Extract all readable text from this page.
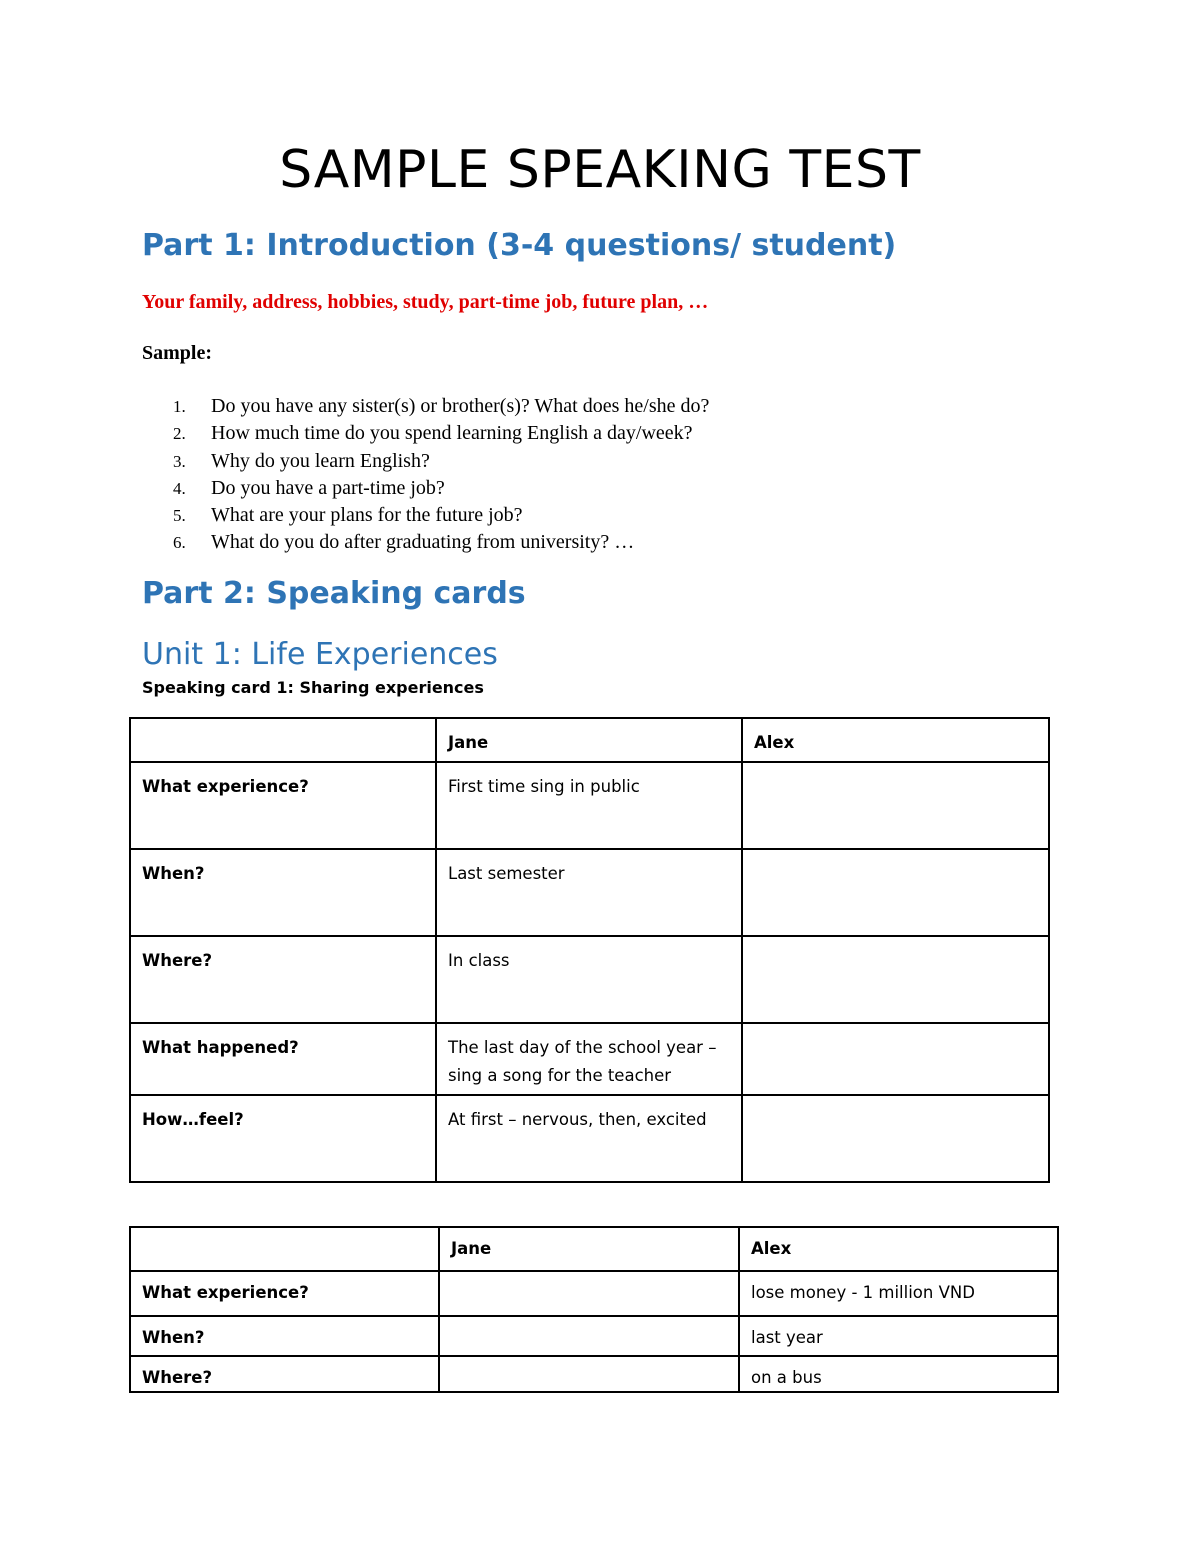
SAMPLE SPEAKING TEST
Part 1: Introduction (3-4 questions/ student)
Your family, address, hobbies, study, part-time job, future plan, …
Sample:
1. Do you have any sister(s) or brother(s)? What does he/she do?
2. How much time do you spend learning English a day/week?
3. Why do you learn English?
4. Do you have a part-time job?
5. What are your plans for the future job?
6. What do you do after graduating from university? …
Part 2: Speaking cards
Unit 1: Life Experiences
Speaking card 1: Sharing experiences
	Jane	Alex
What experience?	First time sing in public	
When?	Last semester	
Where?	In class	
What happened?	The last day of the school year – sing a song for the teacher	
How…feel?	At first – nervous, then, excited	
	Jane	Alex
What experience?		lose money - 1 million VND
When?		last year
Where?		on a bus
